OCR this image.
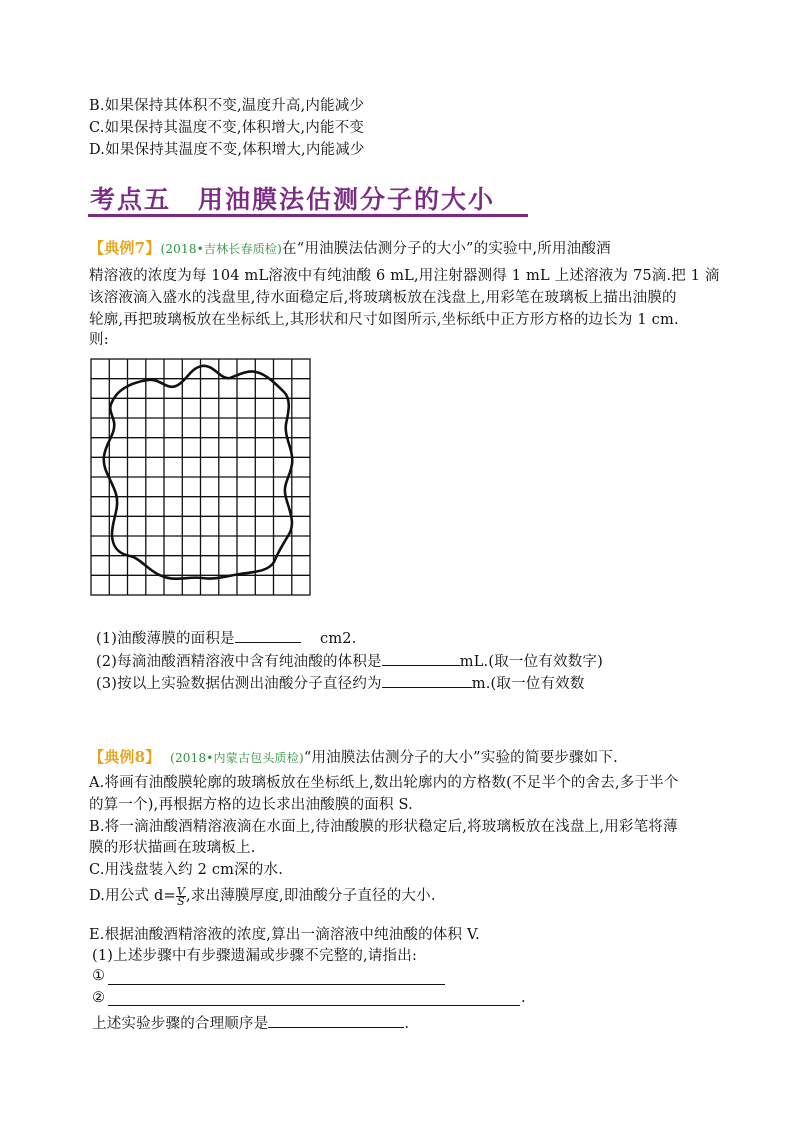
B.如果保持其体积不变,温度升高,内能减少
C.如果保持其温度不变,体积增大,内能不变
D.如果保持其温度不变,体积增大,内能减少
考点五　用油膜法估测分子的大小
【典例7】(2018•吉林长春质检)在“用油膜法估测分子的大小”的实验中,所用油酸酒
精溶液的浓度为每 104 mL溶液中有纯油酸 6 mL,用注射器测得 1 mL 上述溶液为 75滴.把 1 滴
该溶液滴入盛水的浅盘里,待水面稳定后,将玻璃板放在浅盘上,用彩笔在玻璃板上描出油膜的
轮廓,再把玻璃板放在坐标纸上,其形状和尺寸如图所示,坐标纸中正方形方格的边长为 1 cm.
则:
(1)油酸薄膜的面积是	cm2.
(2)每滴油酸酒精溶液中含有纯油酸的体积是	mL.(取一位有效数字)
(3)按以上实验数据估测出油酸分子直径约为	m.(取一位有效数
【典例8】 (2018•内蒙古包头质检)“用油膜法估测分子的大小”实验的简要步骤如下.
A.将画有油酸膜轮廓的玻璃板放在坐标纸上,数出轮廓内的方格数(不足半个的舍去,多于半个
的算一个),再根据方格的边长求出油酸膜的面积 S.
B.将一滴油酸酒精溶液滴在水面上,待油酸膜的形状稳定后,将玻璃板放在浅盘上,用彩笔将薄
膜的形状描画在玻璃板上.
C.用浅盘装入约 2 cm深的水.
D.用公式 $d= \frac{V}{S}$ ,求出薄膜厚度,即油酸分子直径的大小.
E.根据油酸酒精溶液的浓度,算出一滴溶液中纯油酸的体积 V.
(1)上述步骤中有步骤遗漏或步骤不完整的,请指出:
①
②	.
上述实验步骤的合理顺序是	.
